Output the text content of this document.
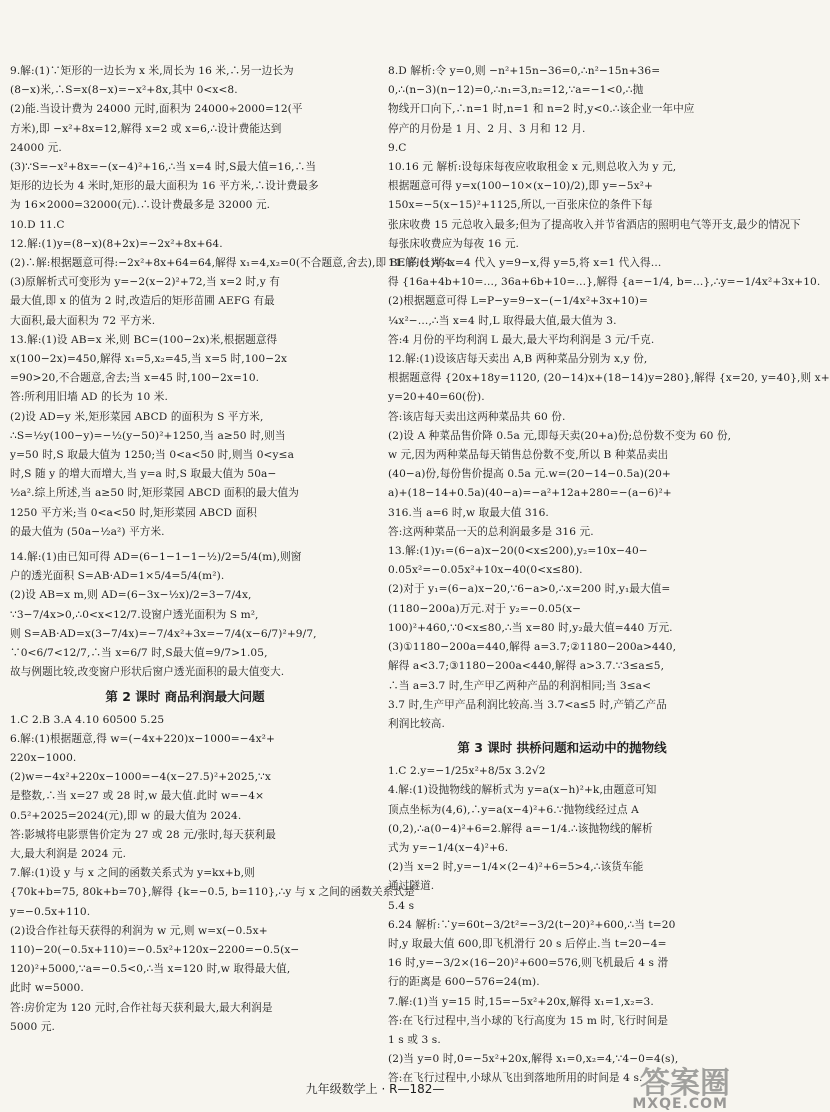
9.解:(1)∵矩形的一边长为 x 米,周长为 16 米,∴另一边长为
(8−x)米,∴S=x(8−x)=−x²+8x,其中 0<x<8.
(2)能.当设计费为 24000 元时,面积为 24000÷2000=12(平
方米),即 −x²+8x=12,解得 x=2 或 x=6,∴设计费能达到
24000 元.
(3)∵S=−x²+8x=−(x−4)²+16,∴当 x=4 时,S最大值=16,∴当
矩形的边长为 4 米时,矩形的最大面积为 16 平方米,∴设计费最多
为 16×2000=32000(元).∴设计费最多是 32000 元.
10.D 11.C
12.解:(1)y=(8−x)(8+2x)=−2x²+8x+64.
(2)∴解:根据题意可得:−2x²+8x+64=64,解得 x₁=4,x₂=0(不合题意,舍去),即 BE 的长为 4.
(3)原解析式可变形为 y=−2(x−2)²+72,当 x=2 时,y 有
最大值,即 x 的值为 2 时,改造后的矩形苗圃 AEFG 有最
大面积,最大面积为 72 平方米.
13.解:(1)设 AB=x 米,则 BC=(100−2x)米,根据题意得
x(100−2x)=450,解得 x₁=5,x₂=45,当 x=5 时,100−2x
=90>20,不合题意,舍去;当 x=45 时,100−2x=10.
答:所利用旧墙 AD 的长为 10 米.
(2)设 AD=y 米,矩形菜园 ABCD 的面积为 S 平方米,
∴S=½y(100−y)=−½(y−50)²+1250,当 a≥50 时,则当
y=50 时,S 取最大值为 1250;当 0<a<50 时,则当 0<y≤a
时,S 随 y 的增大而增大,当 y=a 时,S 取最大值为 50a−
½a².综上所述,当 a≥50 时,矩形菜园 ABCD 面积的最大值为
1250 平方米;当 0<a<50 时,矩形菜园 ABCD 面积
的最大值为 (50a−½a²) 平方米.
14.解:(1)由已知可得 AD=(6−1−1−1−½)/2=5/4(m),则窗
户的透光面积 S=AB·AD=1×5/4=5/4(m²).
(2)设 AB=x m,则 AD=(6−3x−½x)/2=3−7/4x,
∵3−7/4x>0,∴0<x<12/7.设窗户透光面积为 S m²,
则 S=AB·AD=x(3−7/4x)=−7/4x²+3x=−7/4(x−6/7)²+9/7,
∵0<6/7<12/7,∴当 x=6/7 时,S最大值=9/7>1.05,
故与例题比较,改变窗户形状后窗户透光面积的最大值变大.
第 2 课时 商品利润最大问题
1.C 2.B 3.A 4.10 60500 5.25
6.解:(1)根据题意,得 w=(−4x+220)x−1000=−4x²+
220x−1000.
(2)w=−4x²+220x−1000=−4(x−27.5)²+2025,∵x
是整数,∴当 x=27 或 28 时,w 最大值.此时 w=−4×
0.5²+2025=2024(元),即 w 的最大值为 2024.
答:影城将电影票售价定为 27 或 28 元/张时,每天获利最
大,最大利润是 2024 元.
7.解:(1)设 y 与 x 之间的函数关系式为 y=kx+b,则
{70k+b=75, 80k+b=70},解得 {k=−0.5, b=110},∴y 与 x 之间的函数关系式是
y=−0.5x+110.
(2)设合作社每天获得的利润为 w 元,则 w=x(−0.5x+
110)−20(−0.5x+110)=−0.5x²+120x−2200=−0.5(x−
120)²+5000,∵a=−0.5<0,∴当 x=120 时,w 取得最大值,
此时 w=5000.
答:房价定为 120 元时,合作社每天获利最大,最大利润是
5000 元.
8.D 解析:令 y=0,则 −n²+15n−36=0,∴n²−15n+36=
0,∴(n−3)(n−12)=0,∴n₁=3,n₂=12,∵a=−1<0,∴抛
物线开口向下,∴n=1 时,n=1 和 n=2 时,y<0.∴该企业一年中应
停产的月份是 1 月、2 月、3 月和 12 月.
9.C
10.16 元 解析:设每床每夜应收取租金 x 元,则总收入为 y 元,
根据题意可得 y=x(100−10×(x−10)/2),即 y=−5x²+
150x=−5(x−15)²+1125,所以,一百张床位的条件下每
张床收费 15 元总收入最多;但为了提高收入并节省酒店的照明电气等开支,最少的情况下
每张床收费应为每夜 16 元.
11.解:(1)将 x=4 代入 y=9−x,得 y=5,将 x=1 代入得…
得 {16a+4b+10=…, 36a+6b+10=…},解得 {a=−1/4, b=…},∴y=−1/4x²+3x+10.
(2)根据题意可得 L=P−y=9−x−(−1/4x²+3x+10)=
¼x²−…,∴当 x=4 时,L 取得最大值,最大值为 3.
答:4 月份的平均利润 L 最大,最大平均利润是 3 元/千克.
12.解:(1)设该店每天卖出 A,B 两种菜品分别为 x,y 份,
根据题意得 {20x+18y=1120, (20−14)x+(18−14)y=280},解得 {x=20, y=40},则 x+
y=20+40=60(份).
答:该店每天卖出这两种菜品共 60 份.
(2)设 A 种菜品售价降 0.5a 元,即每天卖(20+a)份;总份数不变为 60 份,
w 元,因为两种菜品每天销售总份数不变,所以 B 种菜品卖出
(40−a)份,每份售价提高 0.5a 元.w=(20−14−0.5a)(20+
a)+(18−14+0.5a)(40−a)=−a²+12a+280=−(a−6)²+
316.当 a=6 时,w 取最大值 316.
答:这两种菜品一天的总利润最多是 316 元.
13.解:(1)y₁=(6−a)x−20(0<x≤200),y₂=10x−40−
0.05x²=−0.05x²+10x−40(0<x≤80).
(2)对于 y₁=(6−a)x−20,∵6−a>0,∴x=200 时,y₁最大值=
(1180−200a)万元.对于 y₂=−0.05(x−
100)²+460,∵0<x≤80,∴当 x=80 时,y₂最大值=440 万元.
(3)①1180−200a=440,解得 a=3.7;②1180−200a>440,
解得 a<3.7;③1180−200a<440,解得 a>3.7.∵3≤a≤5,
∴当 a=3.7 时,生产甲乙两种产品的利润相同;当 3≤a<
3.7 时,生产甲产品利润比较高.当 3.7<a≤5 时,产销乙产品
利润比较高.
第 3 课时 拱桥问题和运动中的抛物线
1.C 2.y=−1/25x²+8/5x 3.2√2
4.解:(1)设抛物线的解析式为 y=a(x−h)²+k,由题意可知
顶点坐标为(4,6),∴y=a(x−4)²+6.∵抛物线经过点 A
(0,2),∴a(0−4)²+6=2.解得 a=−1/4.∴该抛物线的解析
式为 y=−1/4(x−4)²+6.
(2)当 x=2 时,y=−1/4×(2−4)²+6=5>4,∴该货车能
通过隧道.
5.4 s
6.24 解析:∵y=60t−3/2t²=−3/2(t−20)²+600,∴当 t=20
时,y 取最大值 600,即飞机滑行 20 s 后停止.当 t=20−4=
16 时,y=−3/2×(16−20)²+600=576,则飞机最后 4 s 滑
行的距离是 600−576=24(m).
7.解:(1)当 y=15 时,15=−5x²+20x,解得 x₁=1,x₂=3.
答:在飞行过程中,当小球的飞行高度为 15 m 时,飞行时间是
1 s 或 3 s.
(2)当 y=0 时,0=−5x²+20x,解得 x₁=0,x₂=4,∵4−0=4(s),
答:在飞行过程中,小球从飞出到落地所用的时间是 4 s.
九年级数学上 · R—182—	答案圈
MXQE.COM
